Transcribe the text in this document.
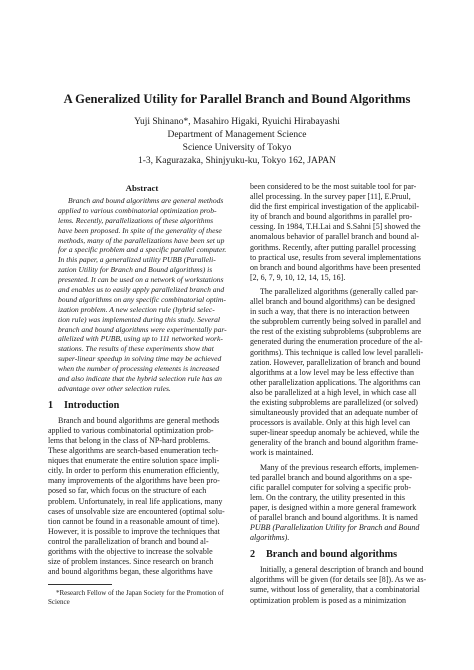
A Generalized Utility for Parallel Branch and Bound Algorithms
Yuji Shinano*, Masahiro Higaki, Ryuichi Hirabayashi
Department of Management Science
Science University of Tokyo
1-3, Kagurazaka, Shinjyuku-ku, Tokyo 162, JAPAN
Abstract
Branch and bound algorithms are general methods
applied to various combinatorial optimization prob-
lems. Recently, parallelizations of these algorithms
have been proposed. In spite of the generality of these
methods, many of the parallelizations have been set up
for a specific problem and a specific parallel computer.
In this paper, a generalized utility PUBB (Paralleli-
zation Utility for Branch and Bound algorithms) is
presented. It can be used on a network of workstations
and enables us to easily apply parallelized branch and
bound algorithms on any specific combinatorial optim-
ization problem. A new selection rule (hybrid selec-
tion rule) was implemented during this study. Several
branch and bound algorithms were experimentally par-
allelized with PUBB, using up to 111 networked work-
stations. The results of these experiments show that
super-linear speedup in solving time may be achieved
when the number of processing elements is increased
and also indicate that the hybrid selection rule has an
advantage over other selection rules.
1 Introduction
Branch and bound algorithms are general methods
applied to various combinatorial optimization prob-
lems that belong in the class of NP-hard problems.
These algorithms are search-based enumeration tech-
niques that enumerate the entire solution space impli-
citly. In order to perform this enumeration efficiently,
many improvements of the algorithms have been pro-
posed so far, which focus on the structure of each
problem. Unfortunately, in real life applications, many
cases of unsolvable size are encountered (optimal solu-
tion cannot be found in a reasonable amount of time).
However, it is possible to improve the techniques that
control the parallelization of branch and bound al-
gorithms with the objective to increase the solvable
size of problem instances. Since research on branch
and bound algorithms began, these algorithms have
*Research Fellow of the Japan Society for the Promotion of
Science
been considered to be the most suitable tool for par-
allel processing. In the survey paper [11], E.Pruul,
did the first empirical investigation of the applicabil-
ity of branch and bound algorithms in parallel pro-
cessing. In 1984, T.H.Lai and S.Sahni [5] showed the
anomalous behavior of parallel branch and bound al-
gorithms. Recently, after putting parallel processing
to practical use, results from several implementations
on branch and bound algorithms have been presented
[2, 6, 7, 9, 10, 12, 14, 15, 16].
The parallelized algorithms (generally called par-
allel branch and bound algorithms) can be designed
in such a way, that there is no interaction between
the subproblem currently being solved in parallel and
the rest of the existing subproblems (subproblems are
generated during the enumeration procedure of the al-
gorithms). This technique is called low level paralleli-
zation. However, parallelization of branch and bound
algorithms at a low level may be less effective than
other parallelization applications. The algorithms can
also be parallelized at a high level, in which case all
the existing subproblems are parallelized (or solved)
simultaneously provided that an adequate number of
processors is available. Only at this high level can
super-linear speedup anomaly be achieved, while the
generality of the branch and bound algorithm frame-
work is maintained.
Many of the previous research efforts, implemen-
ted parallel branch and bound algorithms on a spe-
cific parallel computer for solving a specific prob-
lem. On the contrary, the utility presented in this
paper, is designed within a more general framework
of parallel branch and bound algorithms. It is named
PUBB (Parallelization Utility for Branch and Bound
algorithms).
2 Branch and bound algorithms
Initially, a general description of branch and bound
algorithms will be given (for details see [8]). As we as-
sume, without loss of generality, that a combinatorial
optimization problem is posed as a minimization
